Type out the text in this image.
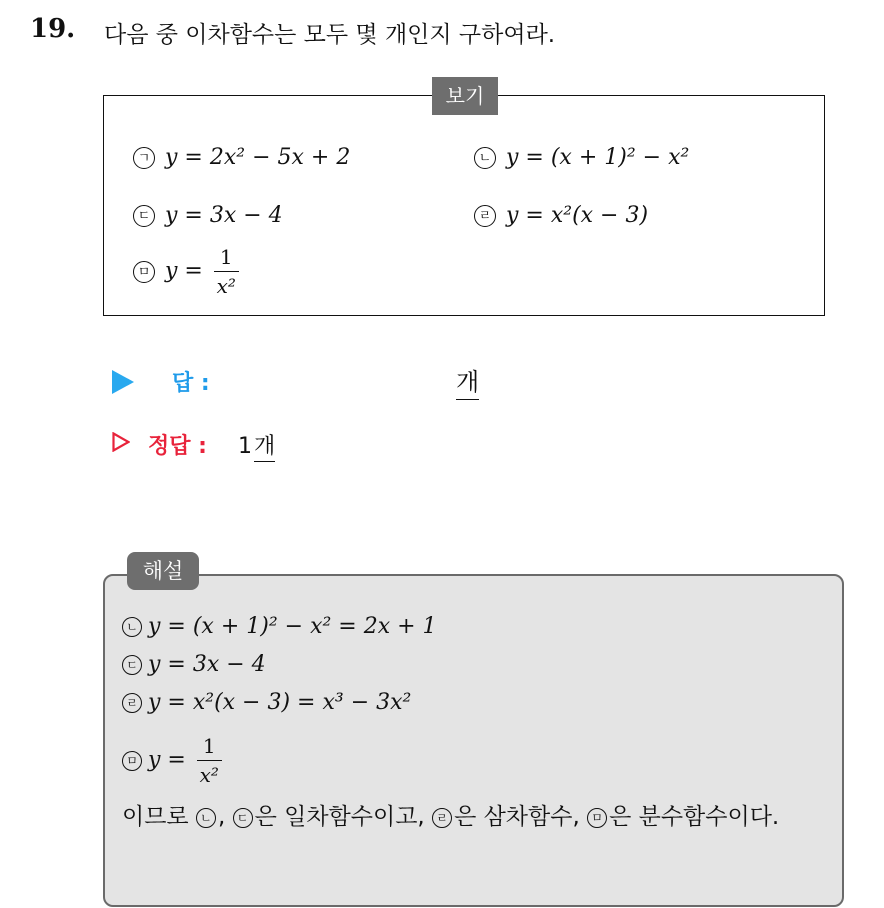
19. 다음 중 이차함수는 모두 몇 개인지 구하여라.
보기
ㄱ y = 2x² − 5x + 2	ㄴ y = (x + 1)² − x²
ㄷ y = 3x − 4	ㄹ y = x²(x − 3)
ㅁ $y = \frac{1}{\text{x²}}$
답 :	개
정답 : 1개
해설
ㄴ y = (x + 1)² − x² = 2x + 1
ㄷ y = 3x − 4
ㄹ y = x²(x − 3) = x³ − 3x²
ㅁ $y = \frac{1}{\text{x²}}$
이므로 ㄴ , ㄷ 은 일차함수이고, ㄹ 은 삼차함수, ㅁ 은 분수함수이다.
